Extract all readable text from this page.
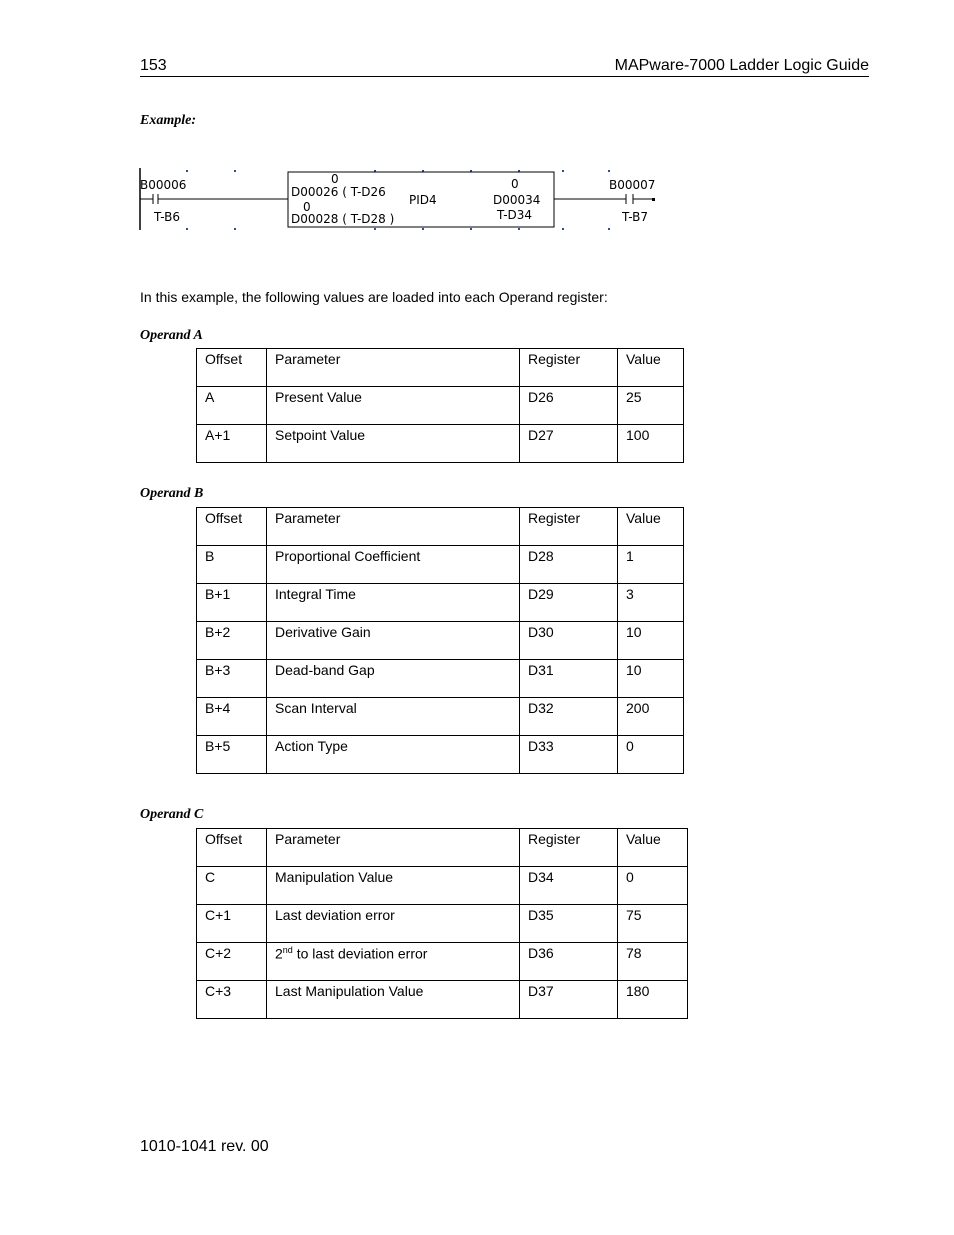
153	MAPware-7000 Ladder Logic Guide
Example:
B00006
T-B6
0
D00026 ( T-D26
0
D00028 ( T-D28 )
PID4
0
D00034
T-D34
B00007
T-B7
In this example, the following values are loaded into each Operand register:
Operand A
Offset	Parameter	Register	Value
A	Present Value	D26	25
A+1	Setpoint Value	D27	100
Operand B
Offset	Parameter	Register	Value
B	Proportional Coefficient	D28	1
B+1	Integral Time	D29	3
B+2	Derivative Gain	D30	10
B+3	Dead-band Gap	D31	10
B+4	Scan Interval	D32	200
B+5	Action Type	D33	0
Operand C
Offset	Parameter	Register	Value
C	Manipulation Value	D34	0
C+1	Last deviation error	D35	75
C+2	2nd to last deviation error	D36	78
C+3	Last Manipulation Value	D37	180
1010-1041 rev. 00
